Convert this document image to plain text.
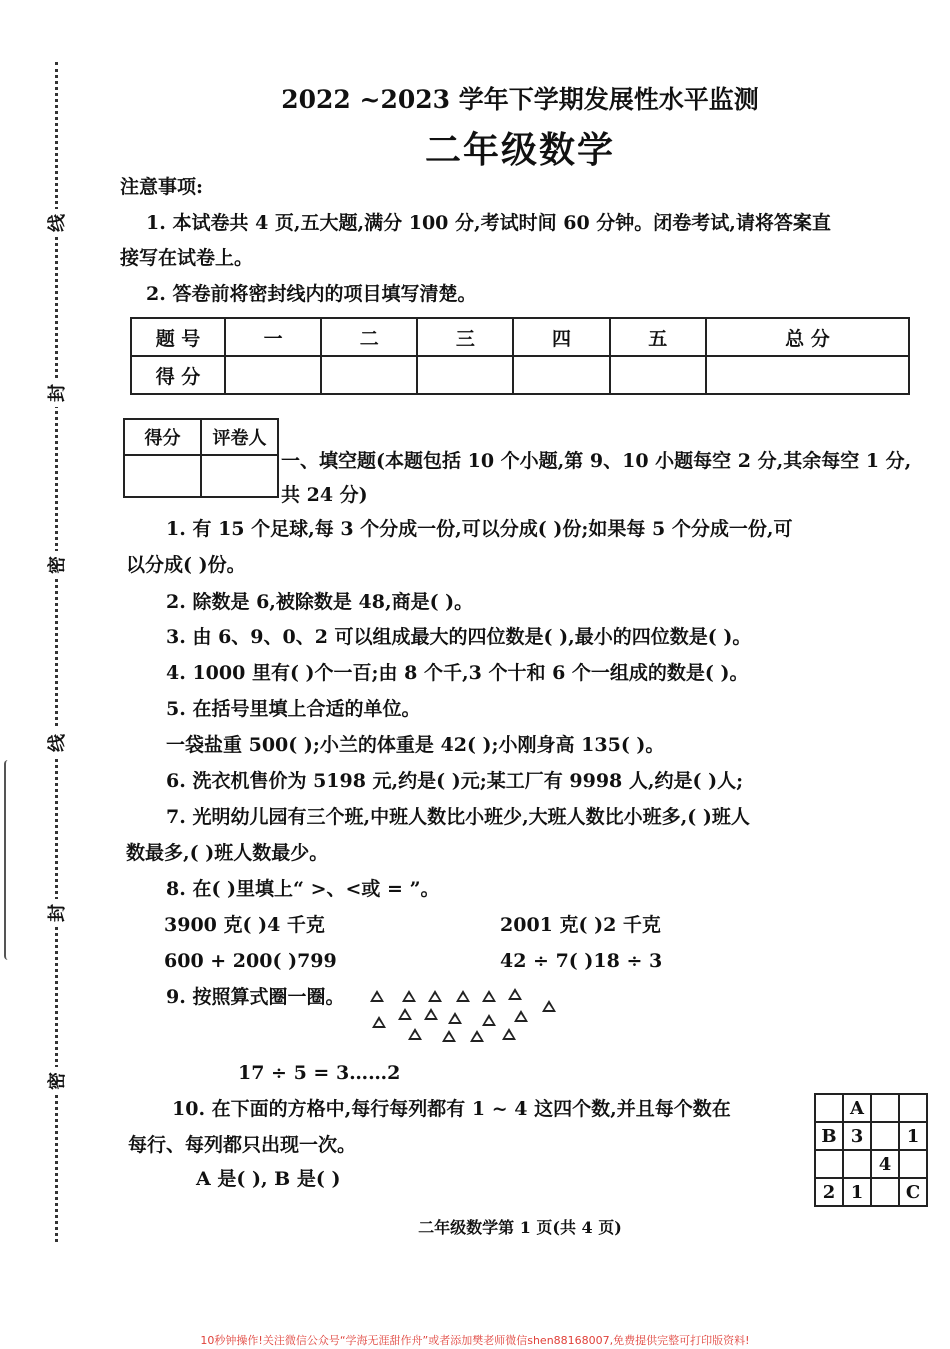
线
封
密
线
封
密
2022 ~2023 学年下学期发展性水平监测
二年级数学
注意事项:
1. 本试卷共 4 页,五大题,满分 100 分,考试时间 60 分钟。闭卷考试,请将答案直
接写在试卷上。
2. 答卷前将密封线内的项目填写清楚。
题 号	一	二	三	四	五	总 分
得 分						
得分	评卷人

一、填空题(本题包括 10 个小题,第 9、10 小题每空 2 分,其余每空 1 分,共 24 分)
1. 有 15 个足球,每 3 个分成一份,可以分成( )份;如果每 5 个分成一份,可
以分成( )份。
2. 除数是 6,被除数是 48,商是( )。
3. 由 6、9、0、2 可以组成最大的四位数是( ),最小的四位数是( )。
4. 1000 里有( )个一百;由 8 个千,3 个十和 6 个一组成的数是( )。
5. 在括号里填上合适的单位。
一袋盐重 500( );小兰的体重是 42( );小刚身高 135( )。
6. 洗衣机售价为 5198 元,约是( )元;某工厂有 9998 人,约是( )人;
7. 光明幼儿园有三个班,中班人数比小班少,大班人数比小班多,( )班人
数最多,( )班人数最少。
8. 在( )里填上“ >、<或 = ”。
3900 克( )4 千克	2001 克( )2 千克
600 + 200( )799	42 ÷ 7( )18 ÷ 3
9. 按照算式圈一圈。
17 ÷ 5 = 3……2
10. 在下面的方格中,每行每列都有 1 ~ 4 这四个数,并且每个数在
每行、每列都只出现一次。
A 是( ), B 是( )
	A		
B	3		1
		4	
2	1		C
二年级数学第 1 页(共 4 页)
10秒钟操作!关注微信公众号“学海无涯甜作舟”或者添加樊老师微信shen88168007,免费提供完整可打印版资料!
